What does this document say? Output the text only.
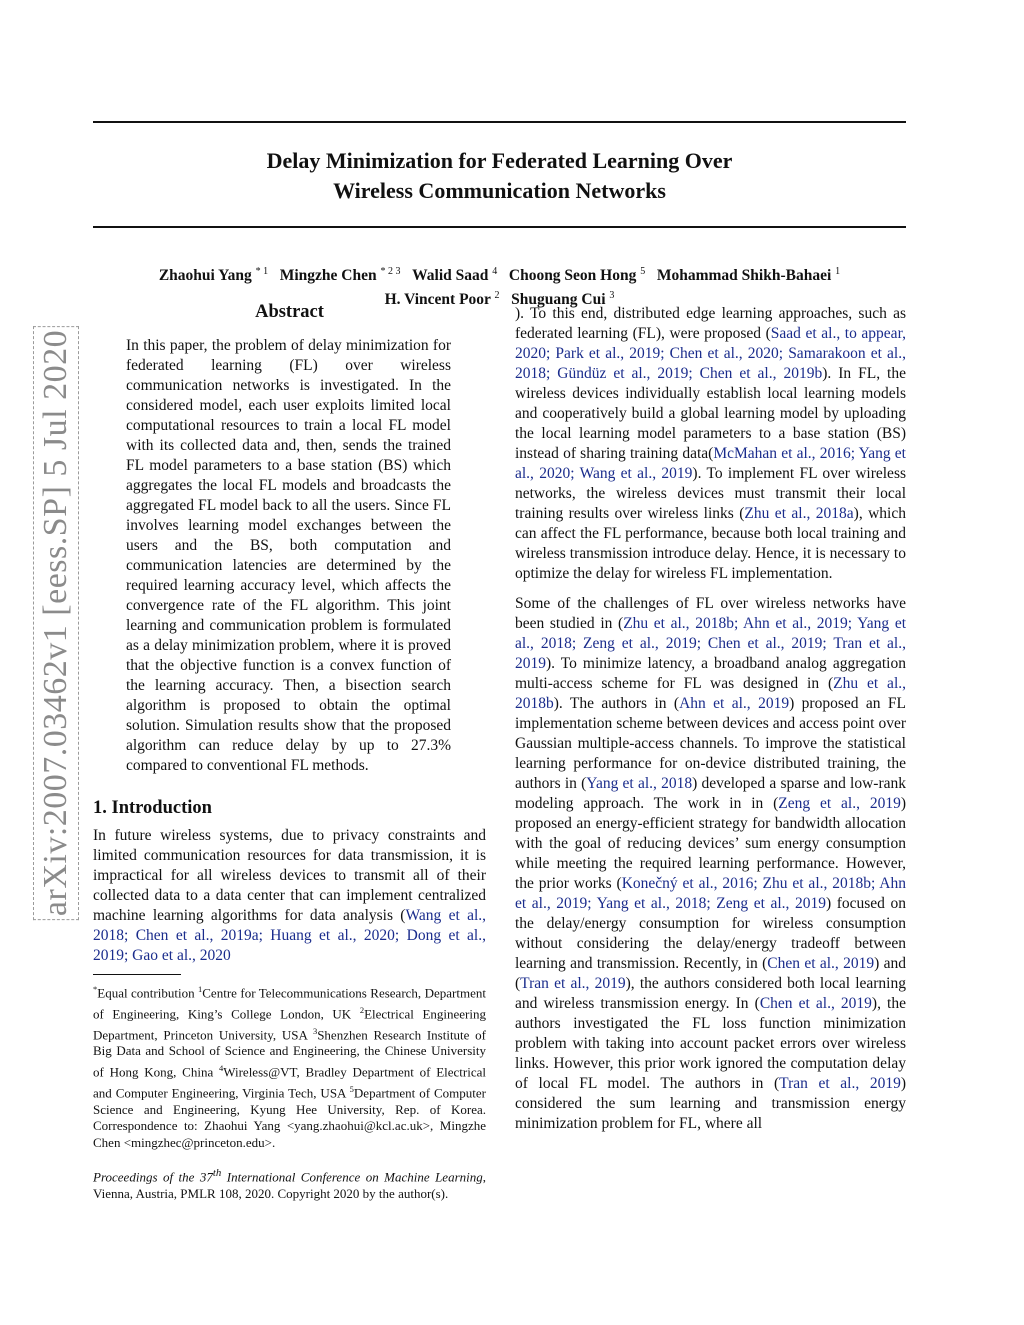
Delay Minimization for Federated Learning Over
Wireless Communication Networks
Zhaohui Yang $^{* 1}$ Mingzhe Chen $^{* 2 3}$ Walid Saad $^4$ Choong Seon Hong $^5$ Mohammad Shikh-Bahaei $^1$
H. Vincent Poor $^2$ Shuguang Cui $^3$
arXiv:2007.03462v1 [eess.SP] 5 Jul 2020
Abstract

In this paper, the problem of delay minimization for federated learning (FL) over wireless communication networks is investigated. In the considered model, each user exploits limited local computational resources to train a local FL model with its collected data and, then, sends the trained FL model parameters to a base station (BS) which aggregates the local FL models and broadcasts the aggregated FL model back to all the users. Since FL involves learning model exchanges between the users and the BS, both computation and communication latencies are determined by the required learning accuracy level, which affects the convergence rate of the FL algorithm. This joint learning and communication problem is formulated as a delay minimization problem, where it is proved that the objective function is a convex function of the learning accuracy. Then, a bisection search algorithm is proposed to obtain the optimal solution. Simulation results show that the proposed algorithm can reduce delay by up to 27.3% compared to conventional FL methods.

1. Introduction

In future wireless systems, due to privacy constraints and limited communication resources for data transmission, it is impractical for all wireless devices to transmit all of their collected data to a data center that can implement centralized machine learning algorithms for data analysis (Wang et al., 2018; Chen et al., 2019a; Huang et al., 2020; Dong et al., 2019; Gao et al., 2020

*Equal contribution $^1$Centre for Telecommunications Research, Department of Engineering, King’s College London, UK $^2$Electrical Engineering Department, Princeton University, USA $^3$Shenzhen Research Institute of Big Data and School of Science and Engineering, the Chinese University of Hong Kong, China $^4$Wireless@VT, Bradley Department of Electrical and Computer Engineering, Virginia Tech, USA $^5$Department of Computer Science and Engineering, Kyung Hee University, Rep. of Korea. Correspondence to: Zhaohui Yang <yang.zhaohui@kcl.ac.uk>, Mingzhe Chen <mingzhec@princeton.edu>.
Proceedings of the 37th International Conference on Machine Learning, Vienna, Austria, PMLR 108, 2020. Copyright 2020 by the author(s).

). To this end, distributed edge learning approaches, such as federated learning (FL), were proposed (Saad et al., to appear, 2020; Park et al., 2019; Chen et al., 2020; Samarakoon et al., 2018; Gündüz et al., 2019; Chen et al., 2019b). In FL, the wireless devices individually establish local learning models and cooperatively build a global learning model by uploading the local learning model parameters to a base station (BS) instead of sharing training data(McMahan et al., 2016; Yang et al., 2020; Wang et al., 2019). To implement FL over wireless networks, the wireless devices must transmit their local training results over wireless links (Zhu et al., 2018a), which can affect the FL performance, because both local training and wireless transmission introduce delay. Hence, it is necessary to optimize the delay for wireless FL implementation.

Some of the challenges of FL over wireless networks have been studied in (Zhu et al., 2018b; Ahn et al., 2019; Yang et al., 2018; Zeng et al., 2019; Chen et al., 2019; Tran et al., 2019). To minimize latency, a broadband analog aggregation multi-access scheme for FL was designed in (Zhu et al., 2018b). The authors in (Ahn et al., 2019) proposed an FL implementation scheme between devices and access point over Gaussian multiple-access channels. To improve the statistical learning performance for on-device distributed training, the authors in (Yang et al., 2018) developed a sparse and low-rank modeling approach. The work in in (Zeng et al., 2019) proposed an energy-efficient strategy for bandwidth allocation with the goal of reducing devices’ sum energy consumption while meeting the required learning performance. However, the prior works (Konečný et al., 2016; Zhu et al., 2018b; Ahn et al., 2019; Yang et al., 2018; Zeng et al., 2019) focused on the delay/energy consumption for wireless consumption without considering the delay/energy tradeoff between learning and transmission. Recently, in (Chen et al., 2019) and (Tran et al., 2019), the authors considered both local learning and wireless transmission energy. In (Chen et al., 2019), the authors investigated the FL loss function minimization problem with taking into account packet errors over wireless links. However, this prior work ignored the computation delay of local FL model. The authors in (Tran et al., 2019) considered the sum learning and transmission energy minimization problem for FL, where all
